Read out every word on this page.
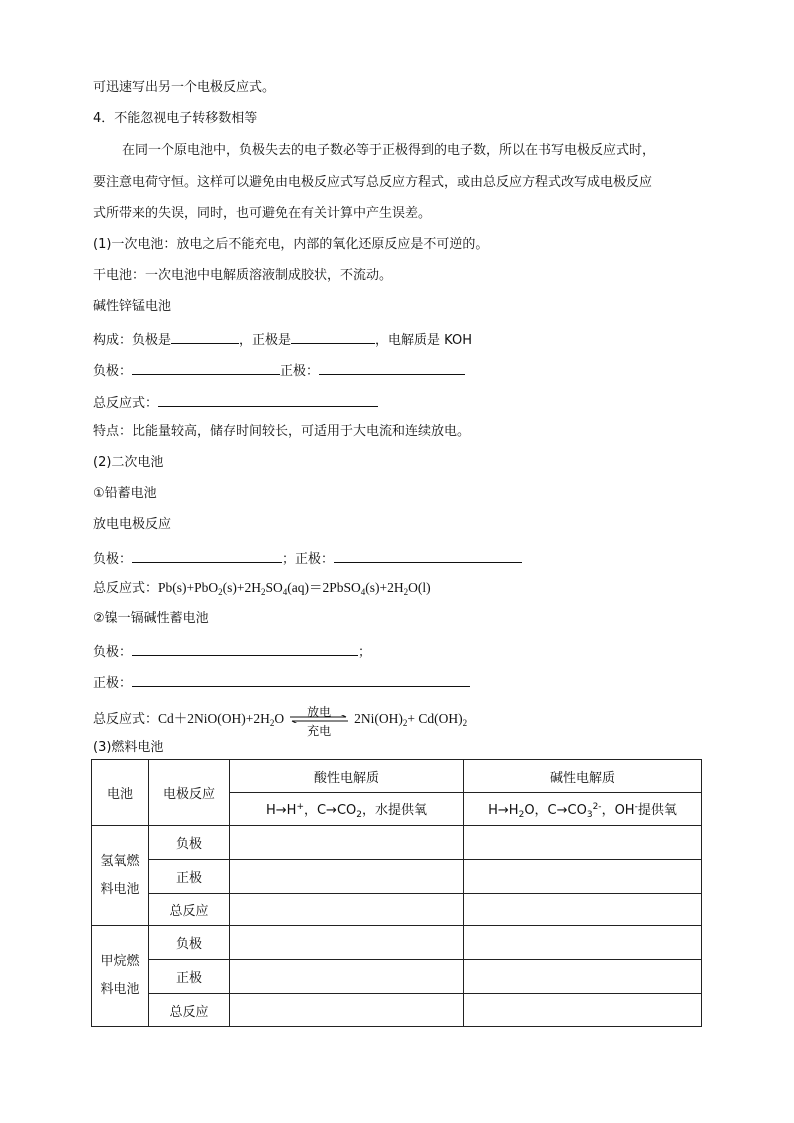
可迅速写出另一个电极反应式。
4．不能忽视电子转移数相等
在同一个原电池中，负极失去的电子数必等于正极得到的电子数，所以在书写电极反应式时，
要注意电荷守恒。这样可以避免由电极反应式写总反应方程式，或由总反应方程式改写成电极反应
式所带来的失误，同时，也可避免在有关计算中产生误差。
(1)一次电池：放电之后不能充电，内部的氧化还原反应是不可逆的。
干电池：一次电池中电解质溶液制成胶状，不流动。
碱性锌锰电池
构成：负极是	，正极是	，电解质是 KOH
负极：	正极：
总反应式：
特点：比能量较高，储存时间较长，可适用于大电流和连续放电。
(2)二次电池
①铅蓄电池
放电电极反应
负极：	；正极：
总反应式：$Pb(s)+PbO_2(s)+2H_2SO_4(aq)=2PbSO_4(s)+2H_2O(l)$
②镍一镉碱性蓄电池
负极：	；
正极：
总反应式：$Cd+2NiO(OH)+2H_2O$	放电
充电
$2Ni(OH)_2+ Cd(OH)_2$
(3)燃料电池
电池	电极反应	酸性电解质	碱性电解质
		H→H+，$C\to CO_2$，水提供氧	$H\to H_2O$，$C\to CO_3^{2-}$，OH-提供氧
氢氧燃
料电池	负极		
	正极		
	总反应		
甲烷燃
料电池	负极		
	正极		
	总反应		
